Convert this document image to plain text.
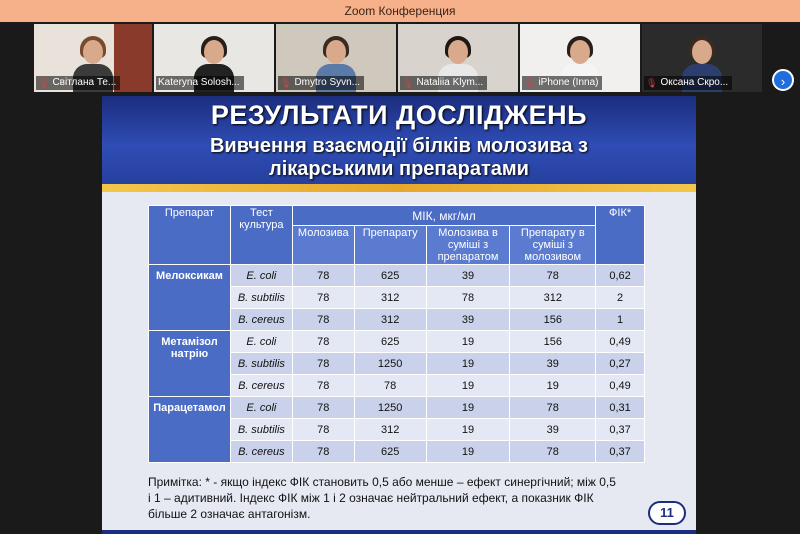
Zoom Конференция
🎙 Світлана Те...	Kateryna Solosh...	🎙 Dmytro Syvn...	🎙 Nataliia Klym...	🎙 iPhone (Inna)	🎙 Оксана Скро...	›
РЕЗУЛЬТАТИ ДОСЛІДЖЕНЬ
Вивчення взаємодії білків молозива з
лікарськими препаратами
Препарат	Тест культура	МІК, мкг/мл				ФІК*
		Молозива	Препарату	Молозива в суміші з препаратом	Препарату в суміші з молозивом	
Мелоксикам	E. coli	78	625	39	78	0,62
	B. subtilis	78	312	78	312	2
	B. cereus	78	312	39	156	1
Метамізол натрію	E. coli	78	625	19	156	0,49
	B. subtilis	78	1250	19	39	0,27
	B. cereus	78	78	19	19	0,49
Парацетамол	E. coli	78	1250	19	78	0,31
	B. subtilis	78	312	19	39	0,37
	B. cereus	78	625	19	78	0,37
Примітка: * - якщо індекс ФІК становить 0,5 або менше – ефект синергічний; між 0,5 і 1 – адитивний. Індекс ФІК між 1 і 2 означає нейтральний ефект, а показник ФІК більше 2 означає антагонізм.	11
